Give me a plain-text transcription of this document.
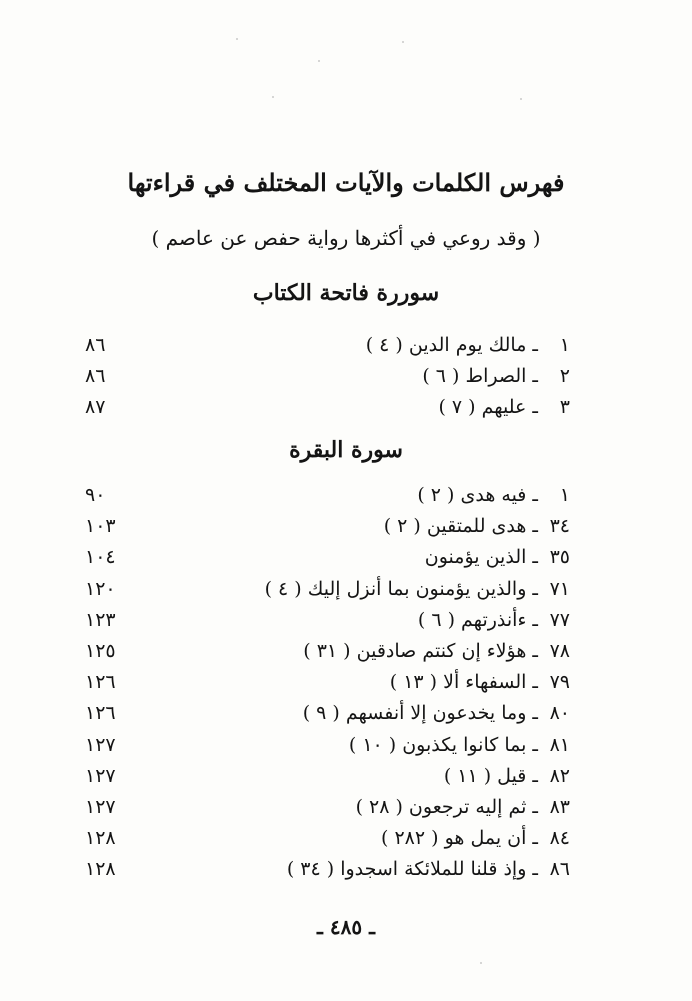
فهرس الكلمات والآيات المختلف في قراءتها

( وقد روعي في أكثرها رواية حفص عن عاصم )

سوررة فاتحة الكتاب
١
ـ مالك يوم الدين ( ٤ )
٨٦
٢
ـ الصراط ( ٦ )
٨٦
٣
ـ عليهم ( ٧ )
٨٧
سورة البقرة
١
ـ فيه هدى ( ٢ )
٩٠
٣٤
ـ هدى للمتقين ( ٢ )
١٠٣
٣٥
ـ الذين يؤمنون
١٠٤
٧١
ـ والذين يؤمنون بما أنزل إليك ( ٤ )
١٢٠
٧٧
ـ ءأنذرتهم ( ٦ )
١٢٣
٧٨
ـ هؤلاء إن كنتم صادقين ( ٣١ )
١٢٥
٧٩
ـ السفهاء ألا ( ١٣ )
١٢٦
٨٠
ـ وما يخدعون إلا أنفسهم ( ٩ )
١٢٦
٨١
ـ بما كانوا يكذبون ( ١٠ )
١٢٧
٨٢
ـ قيل ( ١١ )
١٢٧
٨٣
ـ ثم إليه ترجعون ( ٢٨ )
١٢٧
٨٤
ـ أن يمل هو ( ٢٨٢ )
١٢٨
٨٦
ـ وإذ قلنا للملائكة اسجدوا ( ٣٤ )
١٢٨
ـ ٤٨٥ ـ
